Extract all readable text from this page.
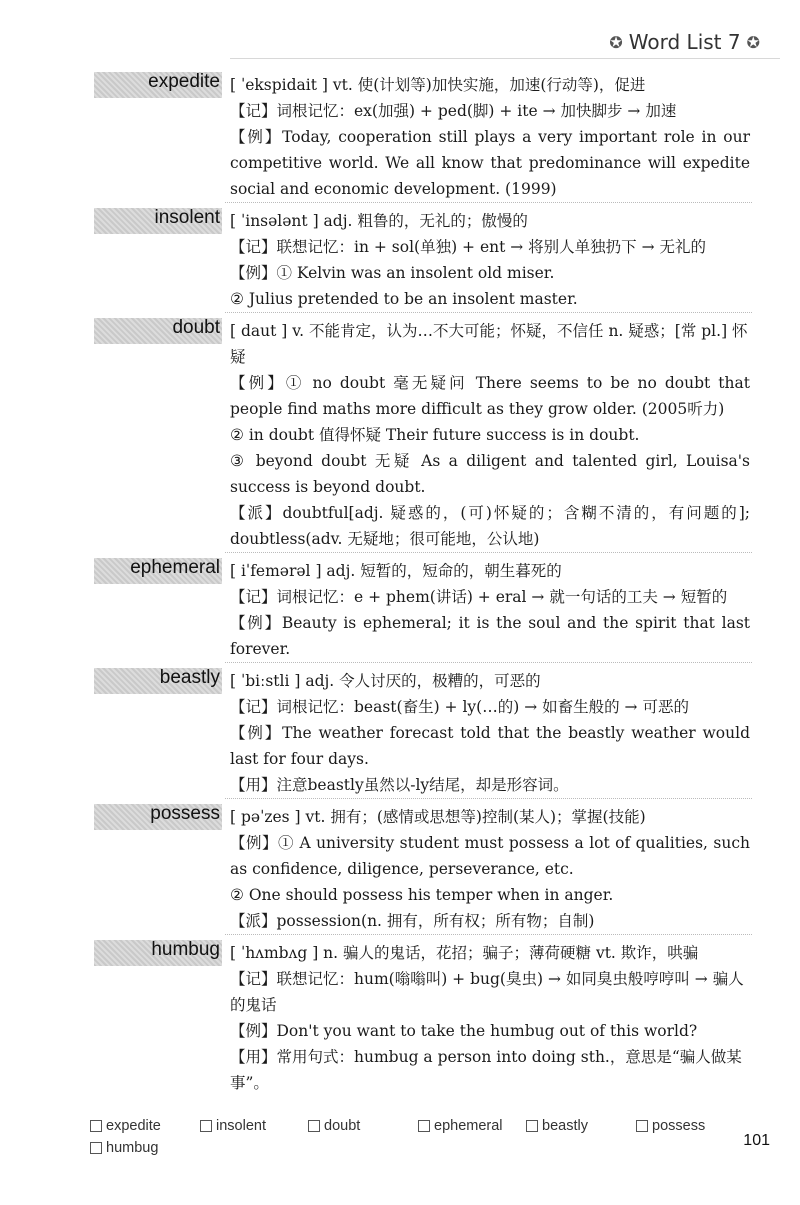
✪ Word List 7 ✪
expedite [ ˈekspidait ] vt. 使(计划等)加快实施，加速(行动等)，促进
【记】词根记忆：ex(加强) + ped(脚) + ite → 加快脚步 → 加速
【例】Today, cooperation still plays a very important role in our competitive world. We all know that predominance will expedite social and economic development. (1999)
insolent [ ˈinsələnt ] adj. 粗鲁的，无礼的；傲慢的
【记】联想记忆：in + sol(单独) + ent → 将别人单独扔下 → 无礼的
【例】① Kelvin was an insolent old miser.
② Julius pretended to be an insolent master.
doubt [ daut ] v. 不能肯定，认为…不大可能；怀疑，不信任 n. 疑惑；[常 pl.] 怀疑
【例】① no doubt 毫无疑问 There seems to be no doubt that people find maths more difficult as they grow older. (2005听力)
② in doubt 值得怀疑 Their future success is in doubt.
③ beyond doubt 无疑 As a diligent and talented girl, Louisa's success is beyond doubt.
【派】doubtful[adj. 疑惑的，(可)怀疑的；含糊不清的，有问题的]; doubtless(adv. 无疑地；很可能地，公认地)
ephemeral [ iˈfemərəl ] adj. 短暂的，短命的，朝生暮死的
【记】词根记忆：e + phem(讲话) + eral → 就一句话的工夫 → 短暂的
【例】Beauty is ephemeral; it is the soul and the spirit that last forever.
beastly [ ˈbiːstli ] adj. 令人讨厌的，极糟的，可恶的
【记】词根记忆：beast(畜生) + ly(…的) → 如畜生般的 → 可恶的
【例】The weather forecast told that the beastly weather would last for four days.
【用】注意beastly虽然以-ly结尾，却是形容词。
possess [ pəˈzes ] vt. 拥有；(感情或思想等)控制(某人)；掌握(技能)
【例】① A university student must possess a lot of qualities, such as confidence, diligence, perseverance, etc.
② One should possess his temper when in anger.
【派】possession(n. 拥有，所有权；所有物；自制)
humbug [ ˈhʌmbʌg ] n. 骗人的鬼话，花招；骗子；薄荷硬糖 vt. 欺诈，哄骗
【记】联想记忆：hum(嗡嗡叫) + bug(臭虫) → 如同臭虫般哼哼叫 → 骗人的鬼话
【例】Don't you want to take the humbug out of this world?
【用】常用句式：humbug a person into doing sth.，意思是“骗人做某事”。
expedite	insolent	doubt	ephemeral	beastly	possess
humbug	101
